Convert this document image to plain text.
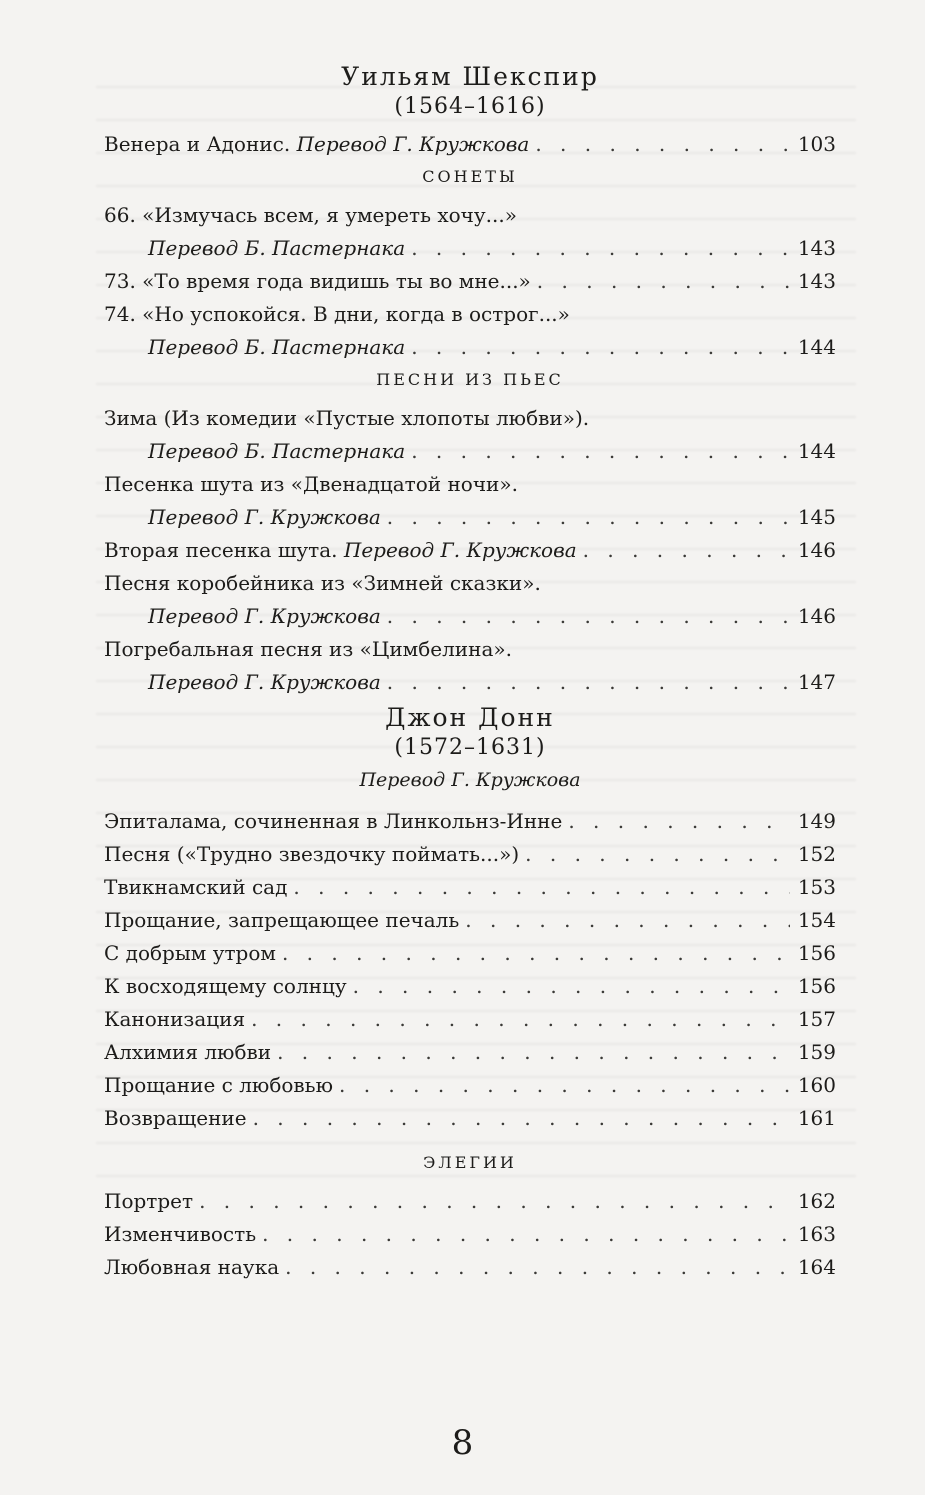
Уильям Шекспир
(1564–1616)
Венера и Адонис. Перевод Г. Кружкова . . .	103
СОНЕТЫ
66. «Измучась всем, я умереть хочу...»
Перевод Б. Пастернака . . .	143
73. «То время года видишь ты во мне...» . . .	143
74. «Но успокойся. В дни, когда в острог...»
Перевод Б. Пастернака . . .	144
ПЕСНИ ИЗ ПЬЕС
Зима (Из комедии «Пустые хлопоты любви»).
Перевод Б. Пастернака . . .	144
Песенка шута из «Двенадцатой ночи».
Перевод Г. Кружкова . . .	145
Вторая песенка шута. Перевод Г. Кружкова . . .	146
Песня коробейника из «Зимней сказки».
Перевод Г. Кружкова . . .	146
Погребальная песня из «Цимбелина».
Перевод Г. Кружкова . . .	147
Джон Донн
(1572–1631)
Перевод Г. Кружкова
Эпиталама, сочиненная в Линкольнз-Инне . . .	149
Песня («Трудно звездочку поймать...») . . .	152
Твикнамский сад . . .	153
Прощание, запрещающее печаль . . .	154
С добрым утром . . .	156
К восходящему солнцу . . .	156
Канонизация . . .	157
Алхимия любви . . .	159
Прощание с любовью . . .	160
Возвращение . . .	161
ЭЛЕГИИ
Портрет . . .	162
Изменчивость . . .	163
Любовная наука . . .	164
8
